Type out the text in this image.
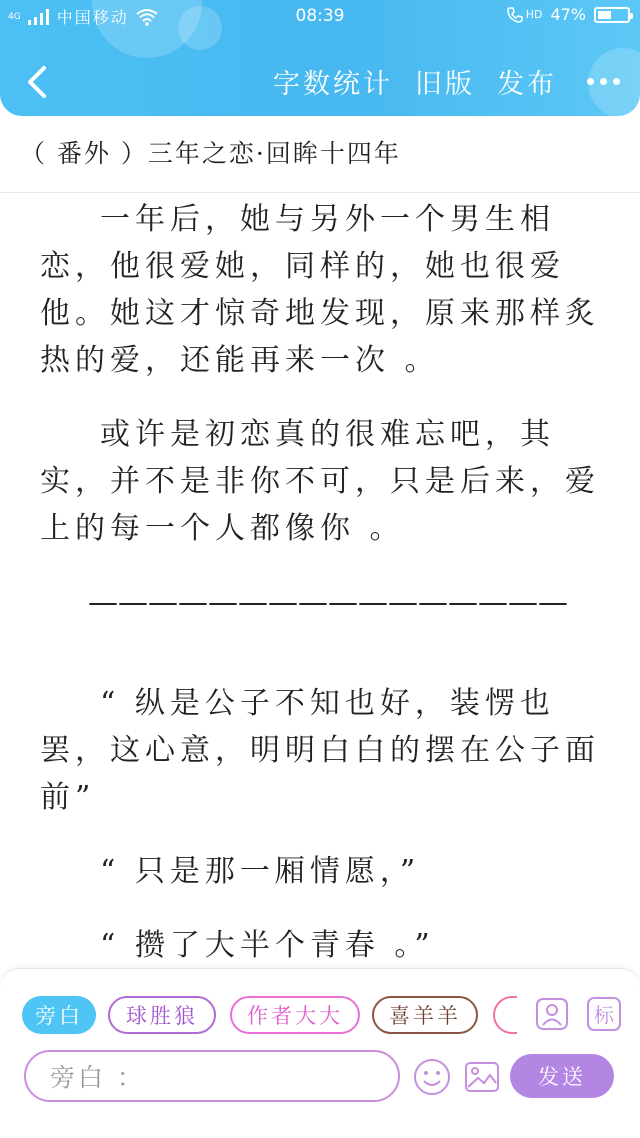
4G 中国移动	08:39	HD 47%
字数统计 旧版 发布
（ 番外 ）三年之恋·回眸十四年

一年后，她与另外一个男生相恋，他很爱她，同样的，她也很爱他。她这才惊奇地发现，原来那样炙热的爱，还能再来一次 。

或许是初恋真的很难忘吧，其实，并不是非你不可，只是后来，爱上的每一个人都像你 。

————————————————

“ 纵是公子不知也好，装愣也罢，这心意，明明白白的摆在公子面前”

“ 只是那一厢情愿，”

“ 攒了大半个青春 。”

旁白	球胜狼	作者大大	喜羊羊	标
旁白 ：	发送
